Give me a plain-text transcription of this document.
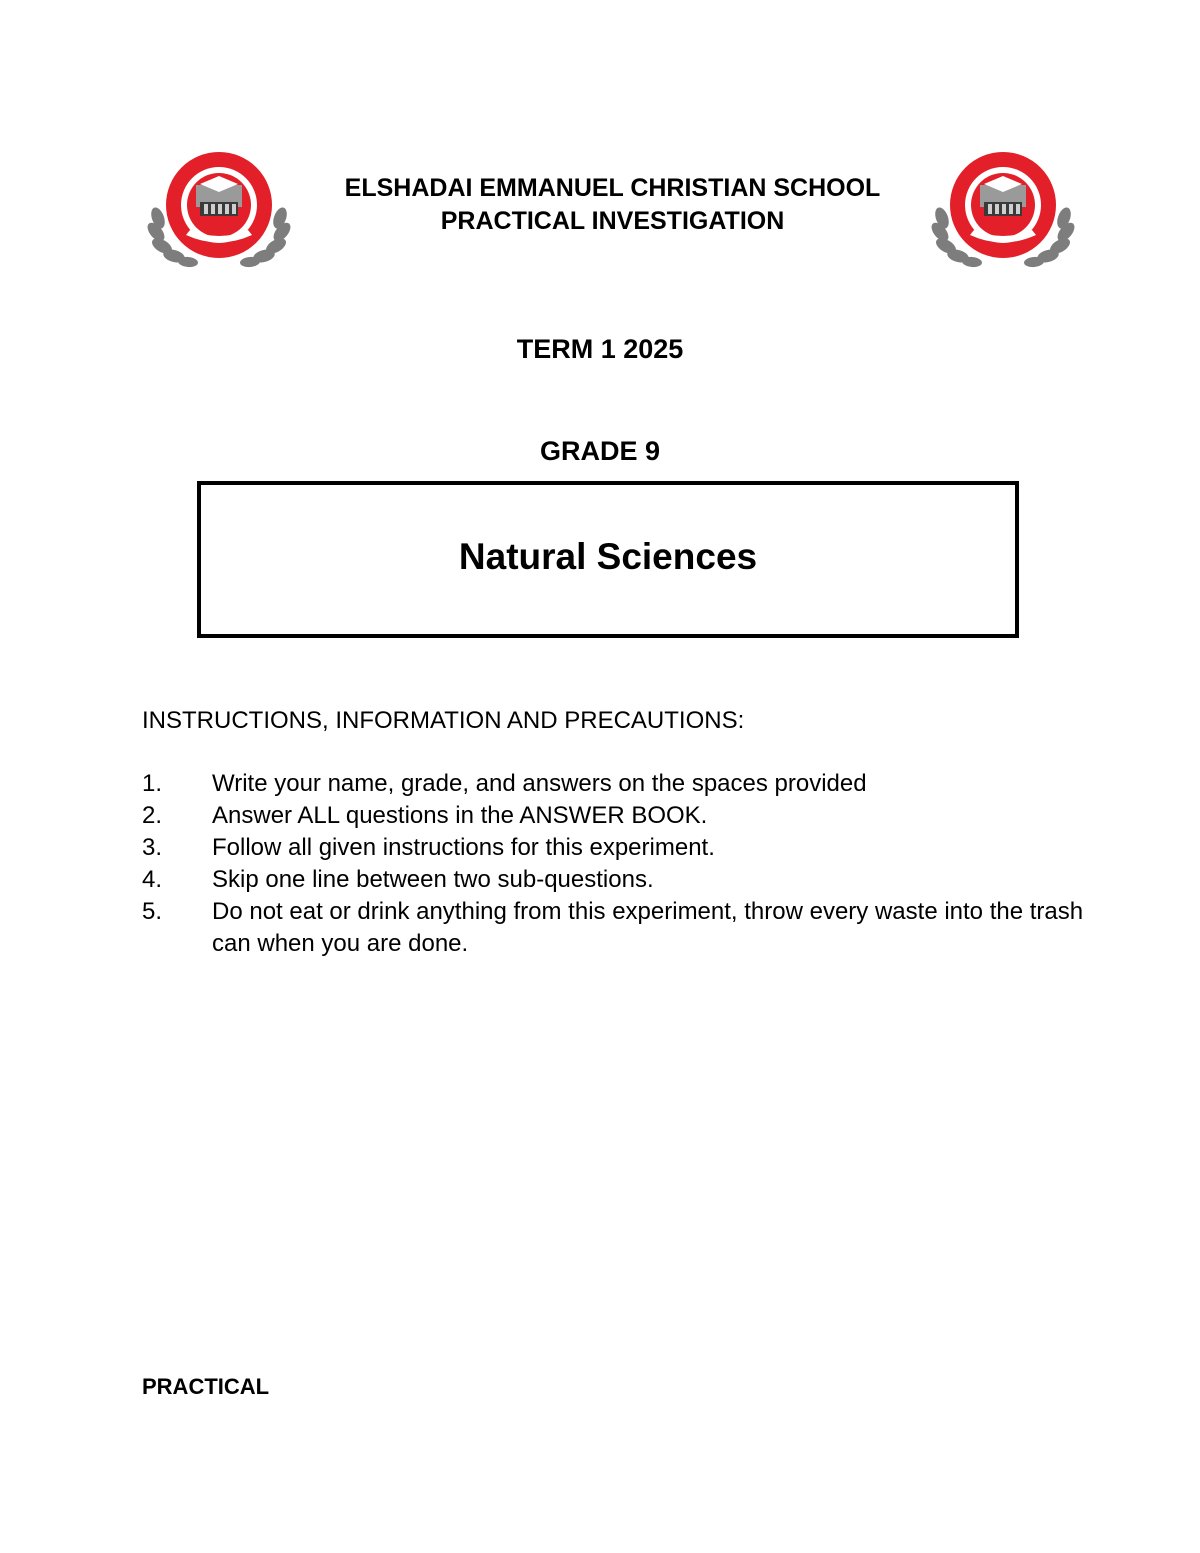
ELSHADAI EMMANUEL CHRISTIAN SCHOOL
PRACTICAL INVESTIGATION
TERM 1 2025
GRADE 9
Natural Sciences
INSTRUCTIONS, INFORMATION AND PRECAUTIONS:
1. Write your name, grade, and answers on the spaces provided
2. Answer ALL questions in the ANSWER BOOK.
3. Follow all given instructions for this experiment.
4. Skip one line between two sub-questions.
5. Do not eat or drink anything from this experiment, throw every waste into the trash can when you are done.
PRACTICAL
